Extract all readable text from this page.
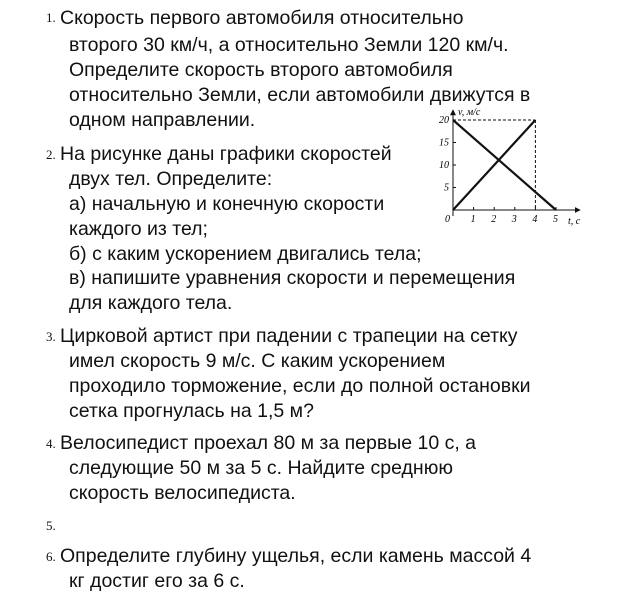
1. Скорость первого автомобиля относительно
второго 30 км/ч, а относительно Земли 120 км/ч.
Определите скорость второго автомобиля
относительно Земли, если автомобили движутся в
одном направлении.
2. На рисунке даны графики скоростей
двух тел. Определите:
а) начальную и конечную скорости
каждого из тел;
б) с каким ускорением двигались тела;
в) напишите уравнения скорости и перемещения
для каждого тела.
3. Цирковой артист при падении с трапеции на сетку
имел скорость 9 м/с. С каким ускорением
проходило торможение, если до полной остановки
сетка прогнулась на 1,5 м?
4. Велосипедист проехал 80 м за первые 10 с, а
следующие 50 м за 5 с. Найдите среднюю
скорость велосипедиста.
5.
6. Определите глубину ущелья, если камень массой 4
кг достиг его за 6 с.
v, м/с
t, c
0 1 2 3 4 5
5
10
15
20
